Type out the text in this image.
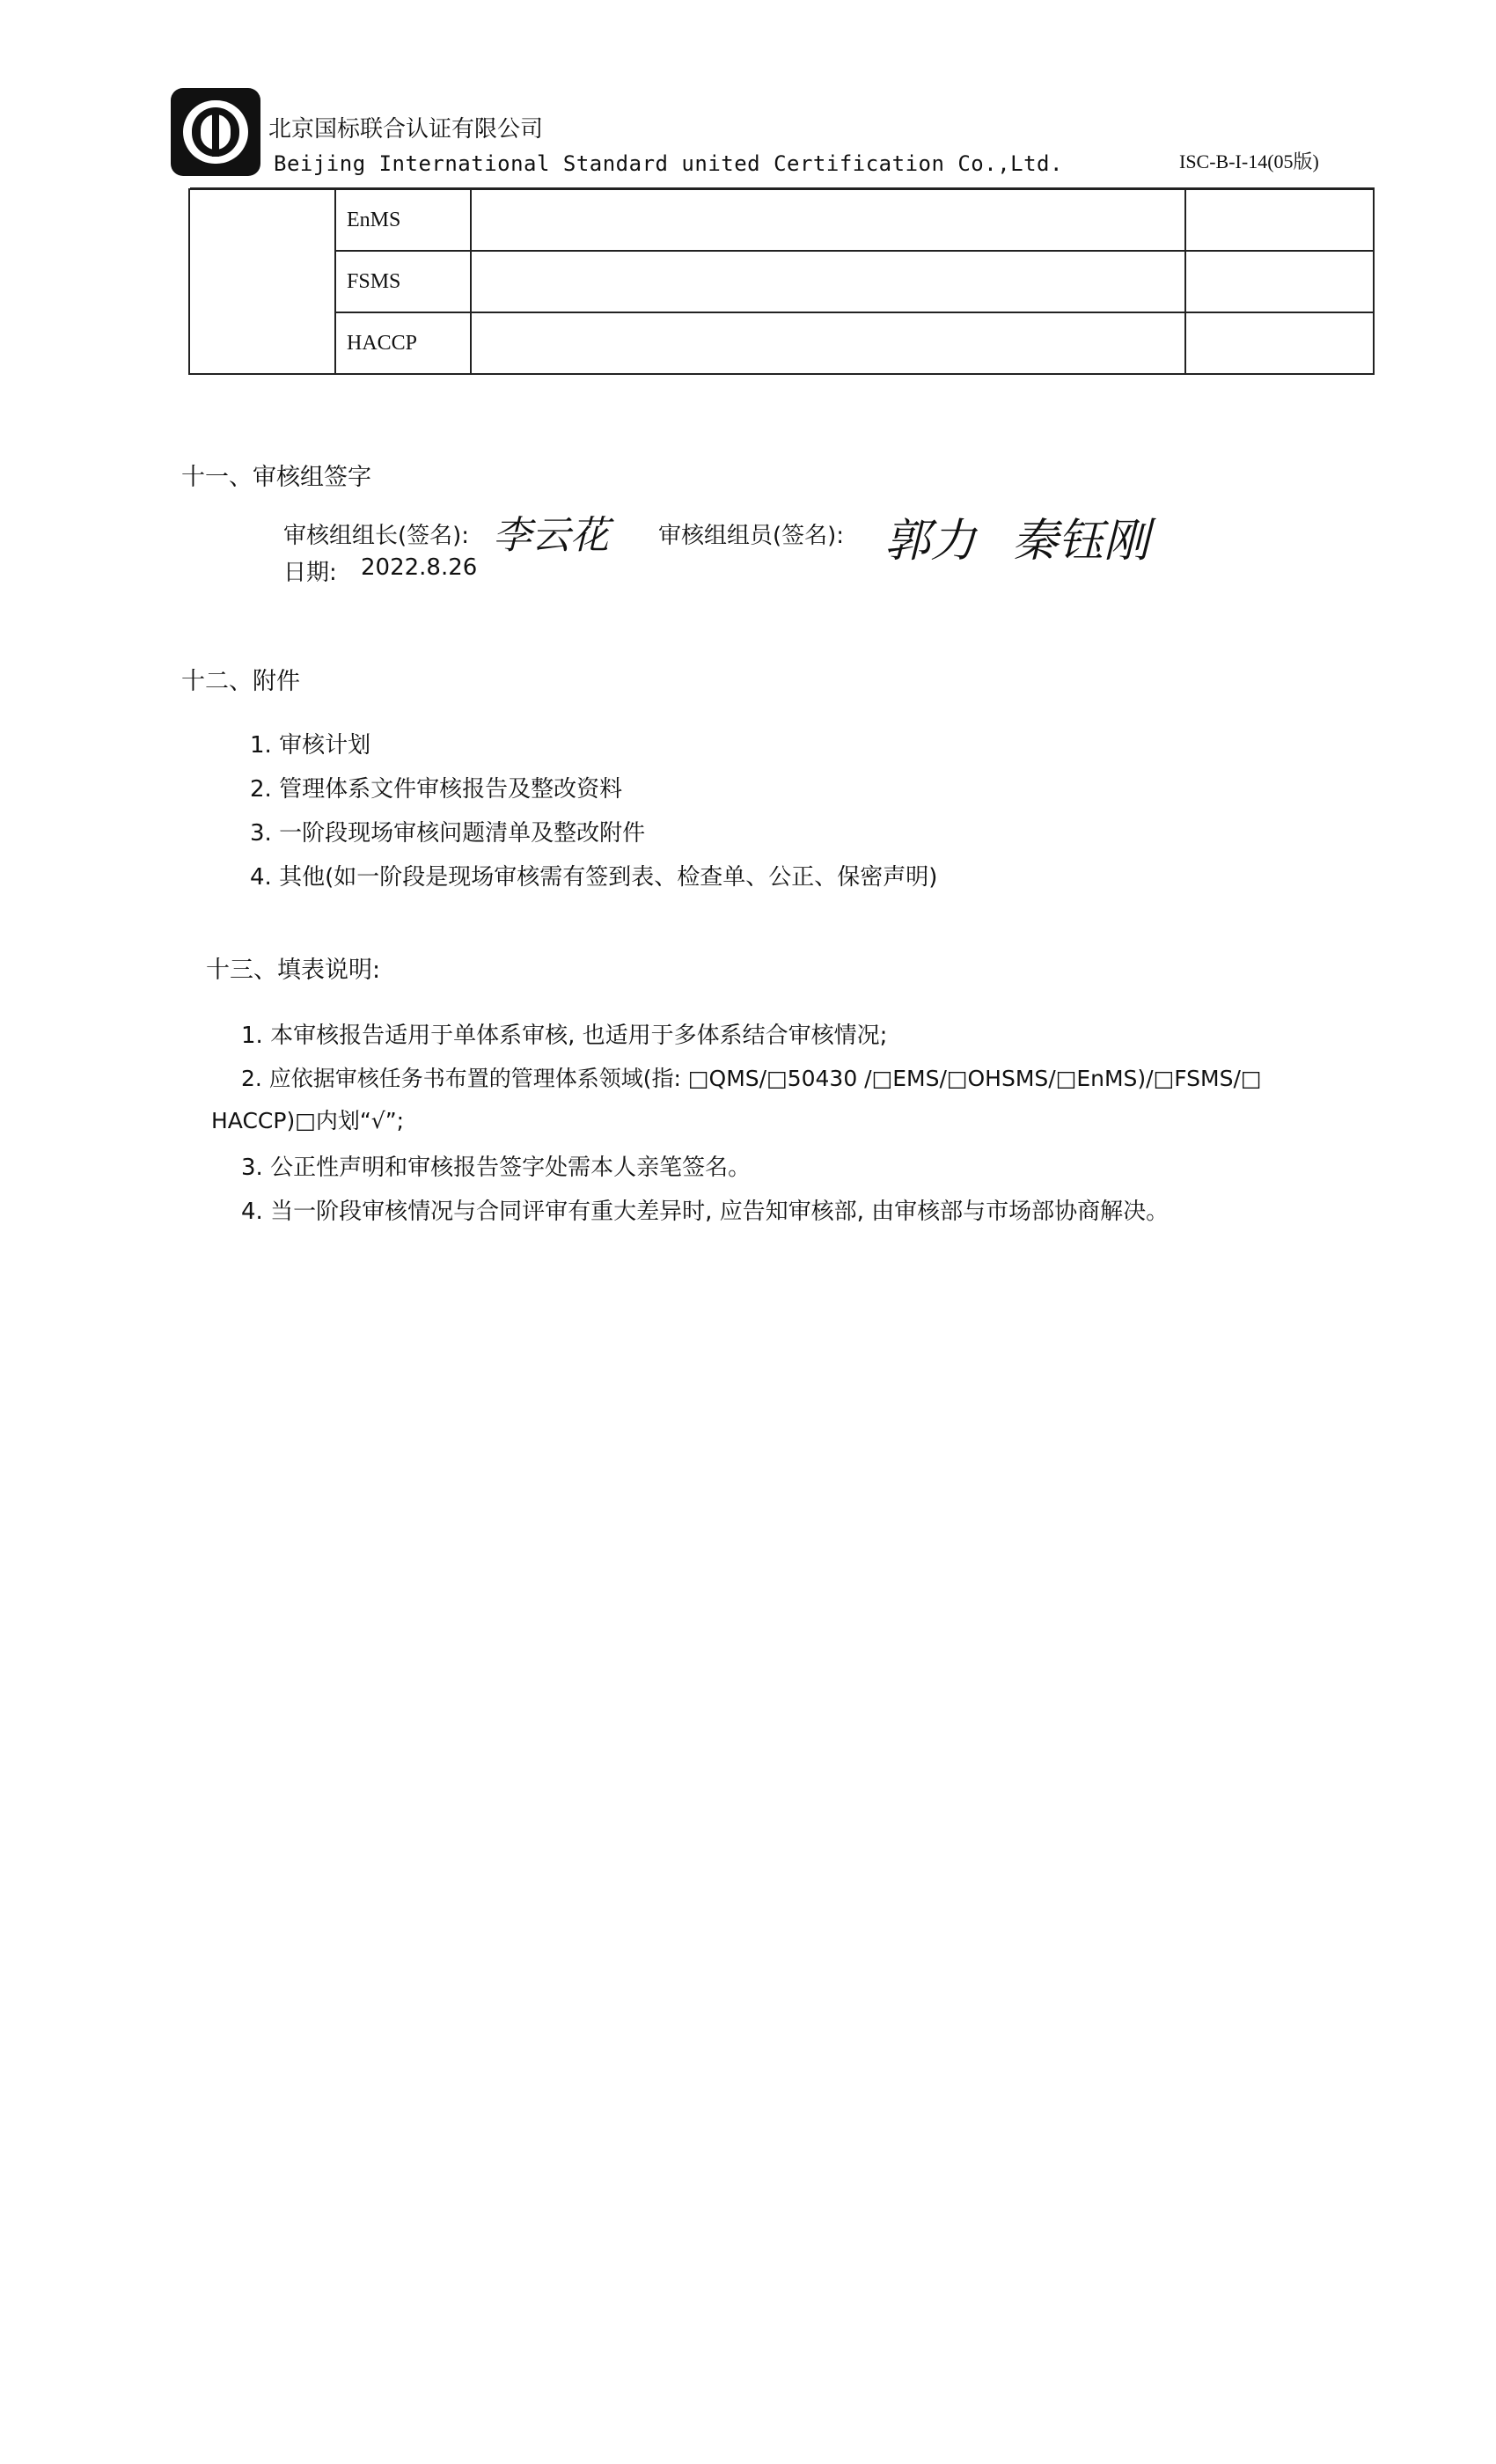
北京国标联合认证有限公司
Beijing International Standard united Certification Co.,Ltd.	ISC-B-I-14(05版)
	EnMS		
	FSMS		
	HACCP		
十一、审核组签字
审核组组长(签名): 李云花 审核组组员(签名): 郭力 秦钰刚
日期: 2022.8.26
十二、附件
1. 审核计划
2. 管理体系文件审核报告及整改资料
3. 一阶段现场审核问题清单及整改附件
4. 其他(如一阶段是现场审核需有签到表、检查单、公正、保密声明)
十三、填表说明:
1. 本审核报告适用于单体系审核, 也适用于多体系结合审核情况;
2. 应依据审核任务书布置的管理体系领域(指: □QMS/□50430 /□EMS/□OHSMS/□EnMS)/□FSMS/□
HACCP)□内划“√”;
3. 公正性声明和审核报告签字处需本人亲笔签名。
4. 当一阶段审核情况与合同评审有重大差异时, 应告知审核部, 由审核部与市场部协商解决。
